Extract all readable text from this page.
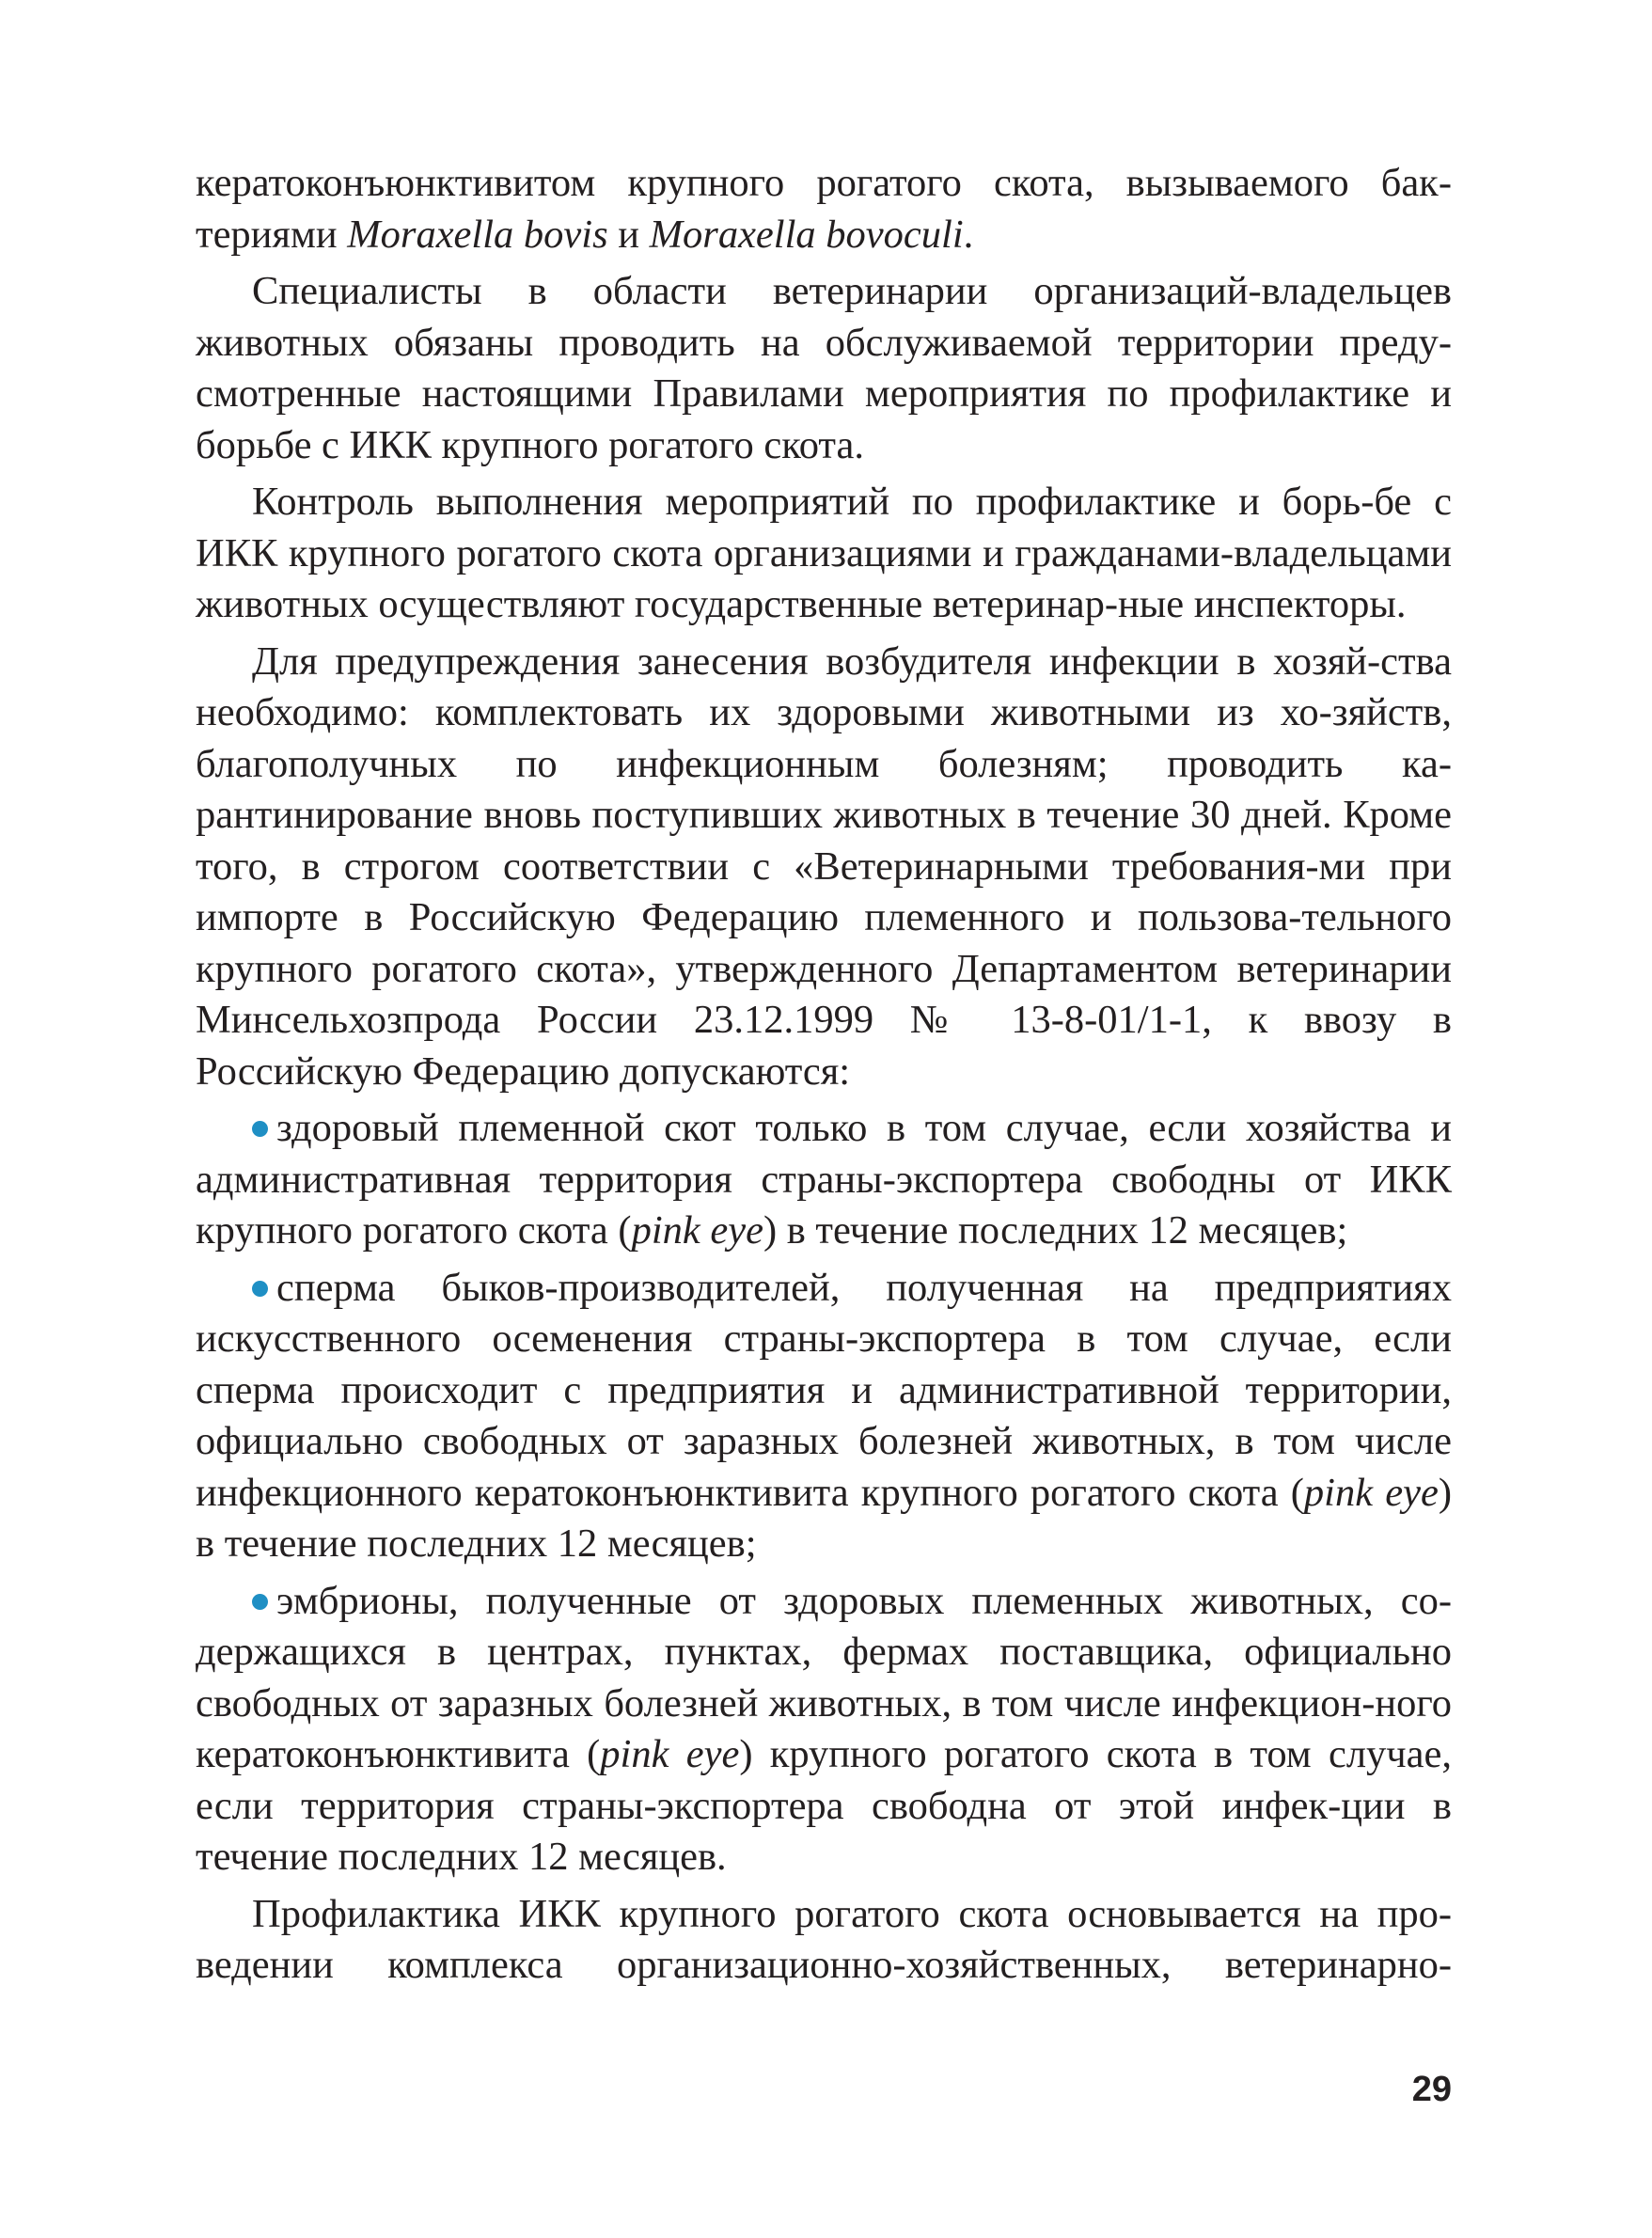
кератоконъюнктивитом крупного рогатого скота, вызываемого бак-териями Moraxella bovis и Moraxella bovoculi.

Специалисты в области ветеринарии организаций-владельцев животных обязаны проводить на обслуживаемой территории преду-смотренные настоящими Правилами мероприятия по профилактике и борьбе с ИКК крупного рогатого скота.

Контроль выполнения мероприятий по профилактике и борь-бе с ИКК крупного рогатого скота организациями и гражданами-владельцами животных осуществляют государственные ветеринар-ные инспекторы.

Для предупреждения занесения возбудителя инфекции в хозяй-ства необходимо: комплектовать их здоровыми животными из хо-зяйств, благополучных по инфекционным болезням; проводить ка-рантинирование вновь поступивших животных в течение 30 дней. Кроме того, в строгом соответствии с «Ветеринарными требования-ми при импорте в Российскую Федерацию племенного и пользова-тельного крупного рогатого скота», утвержденного Департаментом ветеринарии Минсельхозпрода России 23.12.1999 № 13-8-01/1-1, к ввозу в Российскую Федерацию допускаются:

здоровый племенной скот только в том случае, если хозяйства и административная территория страны-экспортера свободны от ИКК крупного рогатого скота (pink eye) в течение последних 12 месяцев;

сперма быков-производителей, полученная на предприятиях искусственного осеменения страны-экспортера в том случае, если сперма происходит с предприятия и административной территории, официально свободных от заразных болезней животных, в том числе инфекционного кератоконъюнктивита крупного рогатого скота (pink eye) в течение последних 12 месяцев;

эмбрионы, полученные от здоровых племенных животных, со-держащихся в центрах, пунктах, фермах поставщика, официально свободных от заразных болезней животных, в том числе инфекцион-ного кератоконъюнктивита (pink eye) крупного рогатого скота в том случае, если территория страны-экспортера свободна от этой инфек-ции в течение последних 12 месяцев.

Профилактика ИКК крупного рогатого скота основывается на про-ведении комплекса организационно-хозяйственных, ветеринарно-

29
